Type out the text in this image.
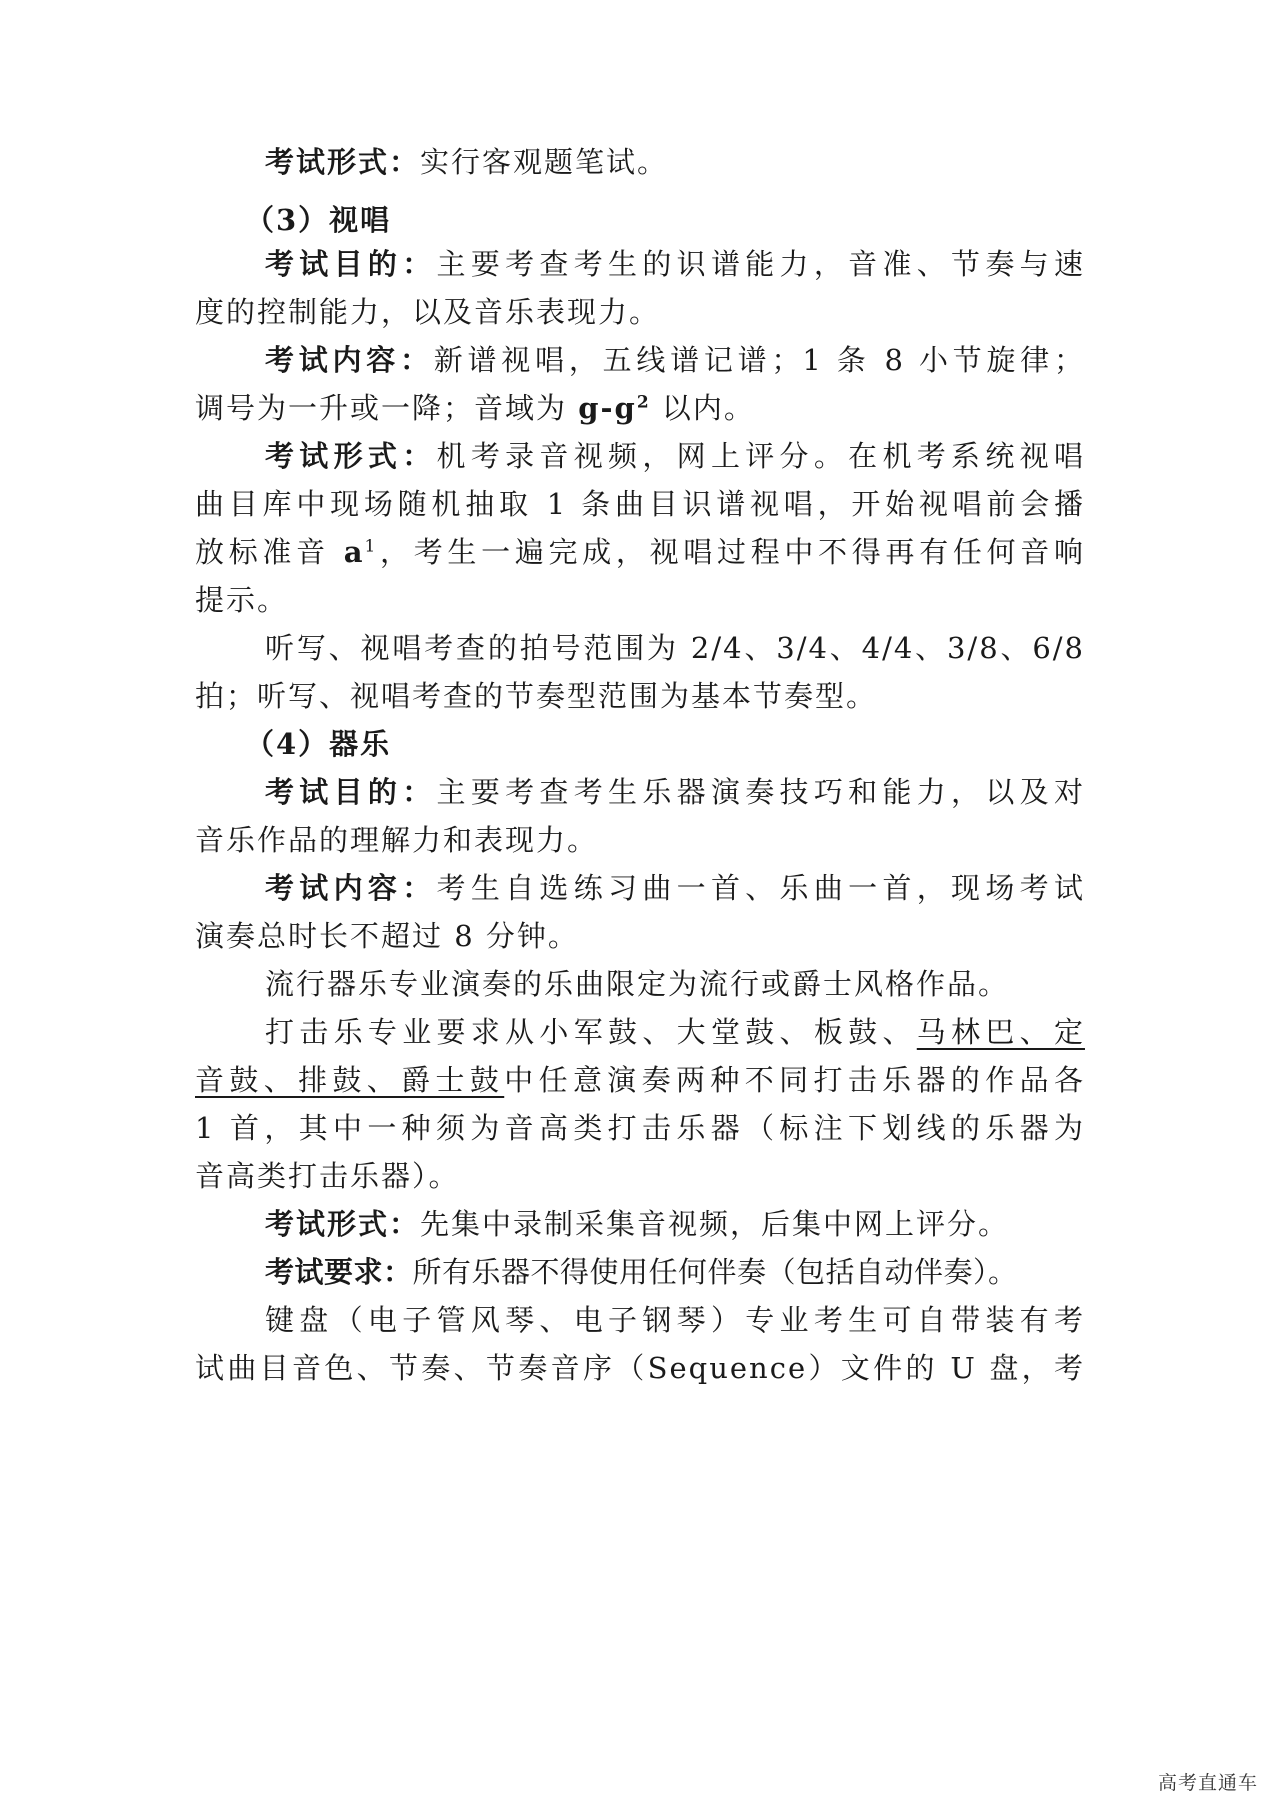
考试形式：实行客观题笔试。
（3）视唱
考试目的：主要考查考生的识谱能力，音准、节奏与速
度的控制能力，以及音乐表现力。
考试内容：新谱视唱，五线谱记谱；1 条 8 小节旋律；
调号为一升或一降；音域为 $g-g^2$ 以内。
考试形式：机考录音视频，网上评分。在机考系统视唱
曲目库中现场随机抽取 1 条曲目识谱视唱，开始视唱前会播
放标准音 $a^1$，考生一遍完成，视唱过程中不得再有任何音响
提示。
听写、视唱考查的拍号范围为 2/4、3/4、4/4、3/8、6/8
拍；听写、视唱考查的节奏型范围为基本节奏型。
（4）器乐
考试目的：主要考查考生乐器演奏技巧和能力，以及对
音乐作品的理解力和表现力。
考试内容：考生自选练习曲一首、乐曲一首，现场考试
演奏总时长不超过 8 分钟。
流行器乐专业演奏的乐曲限定为流行或爵士风格作品。
打击乐专业要求从小军鼓、大堂鼓、板鼓、马林巴、定
音鼓、排鼓、爵士鼓中任意演奏两种不同打击乐器的作品各
1 首，其中一种须为音高类打击乐器（标注下划线的乐器为
音高类打击乐器）。
考试形式：先集中录制采集音视频，后集中网上评分。
考试要求：所有乐器不得使用任何伴奏（包括自动伴奏）。
键盘（电子管风琴、电子钢琴）专业考生可自带装有考
试曲目音色、节奏、节奏音序（Sequence）文件的 U 盘，考
高考直通车
